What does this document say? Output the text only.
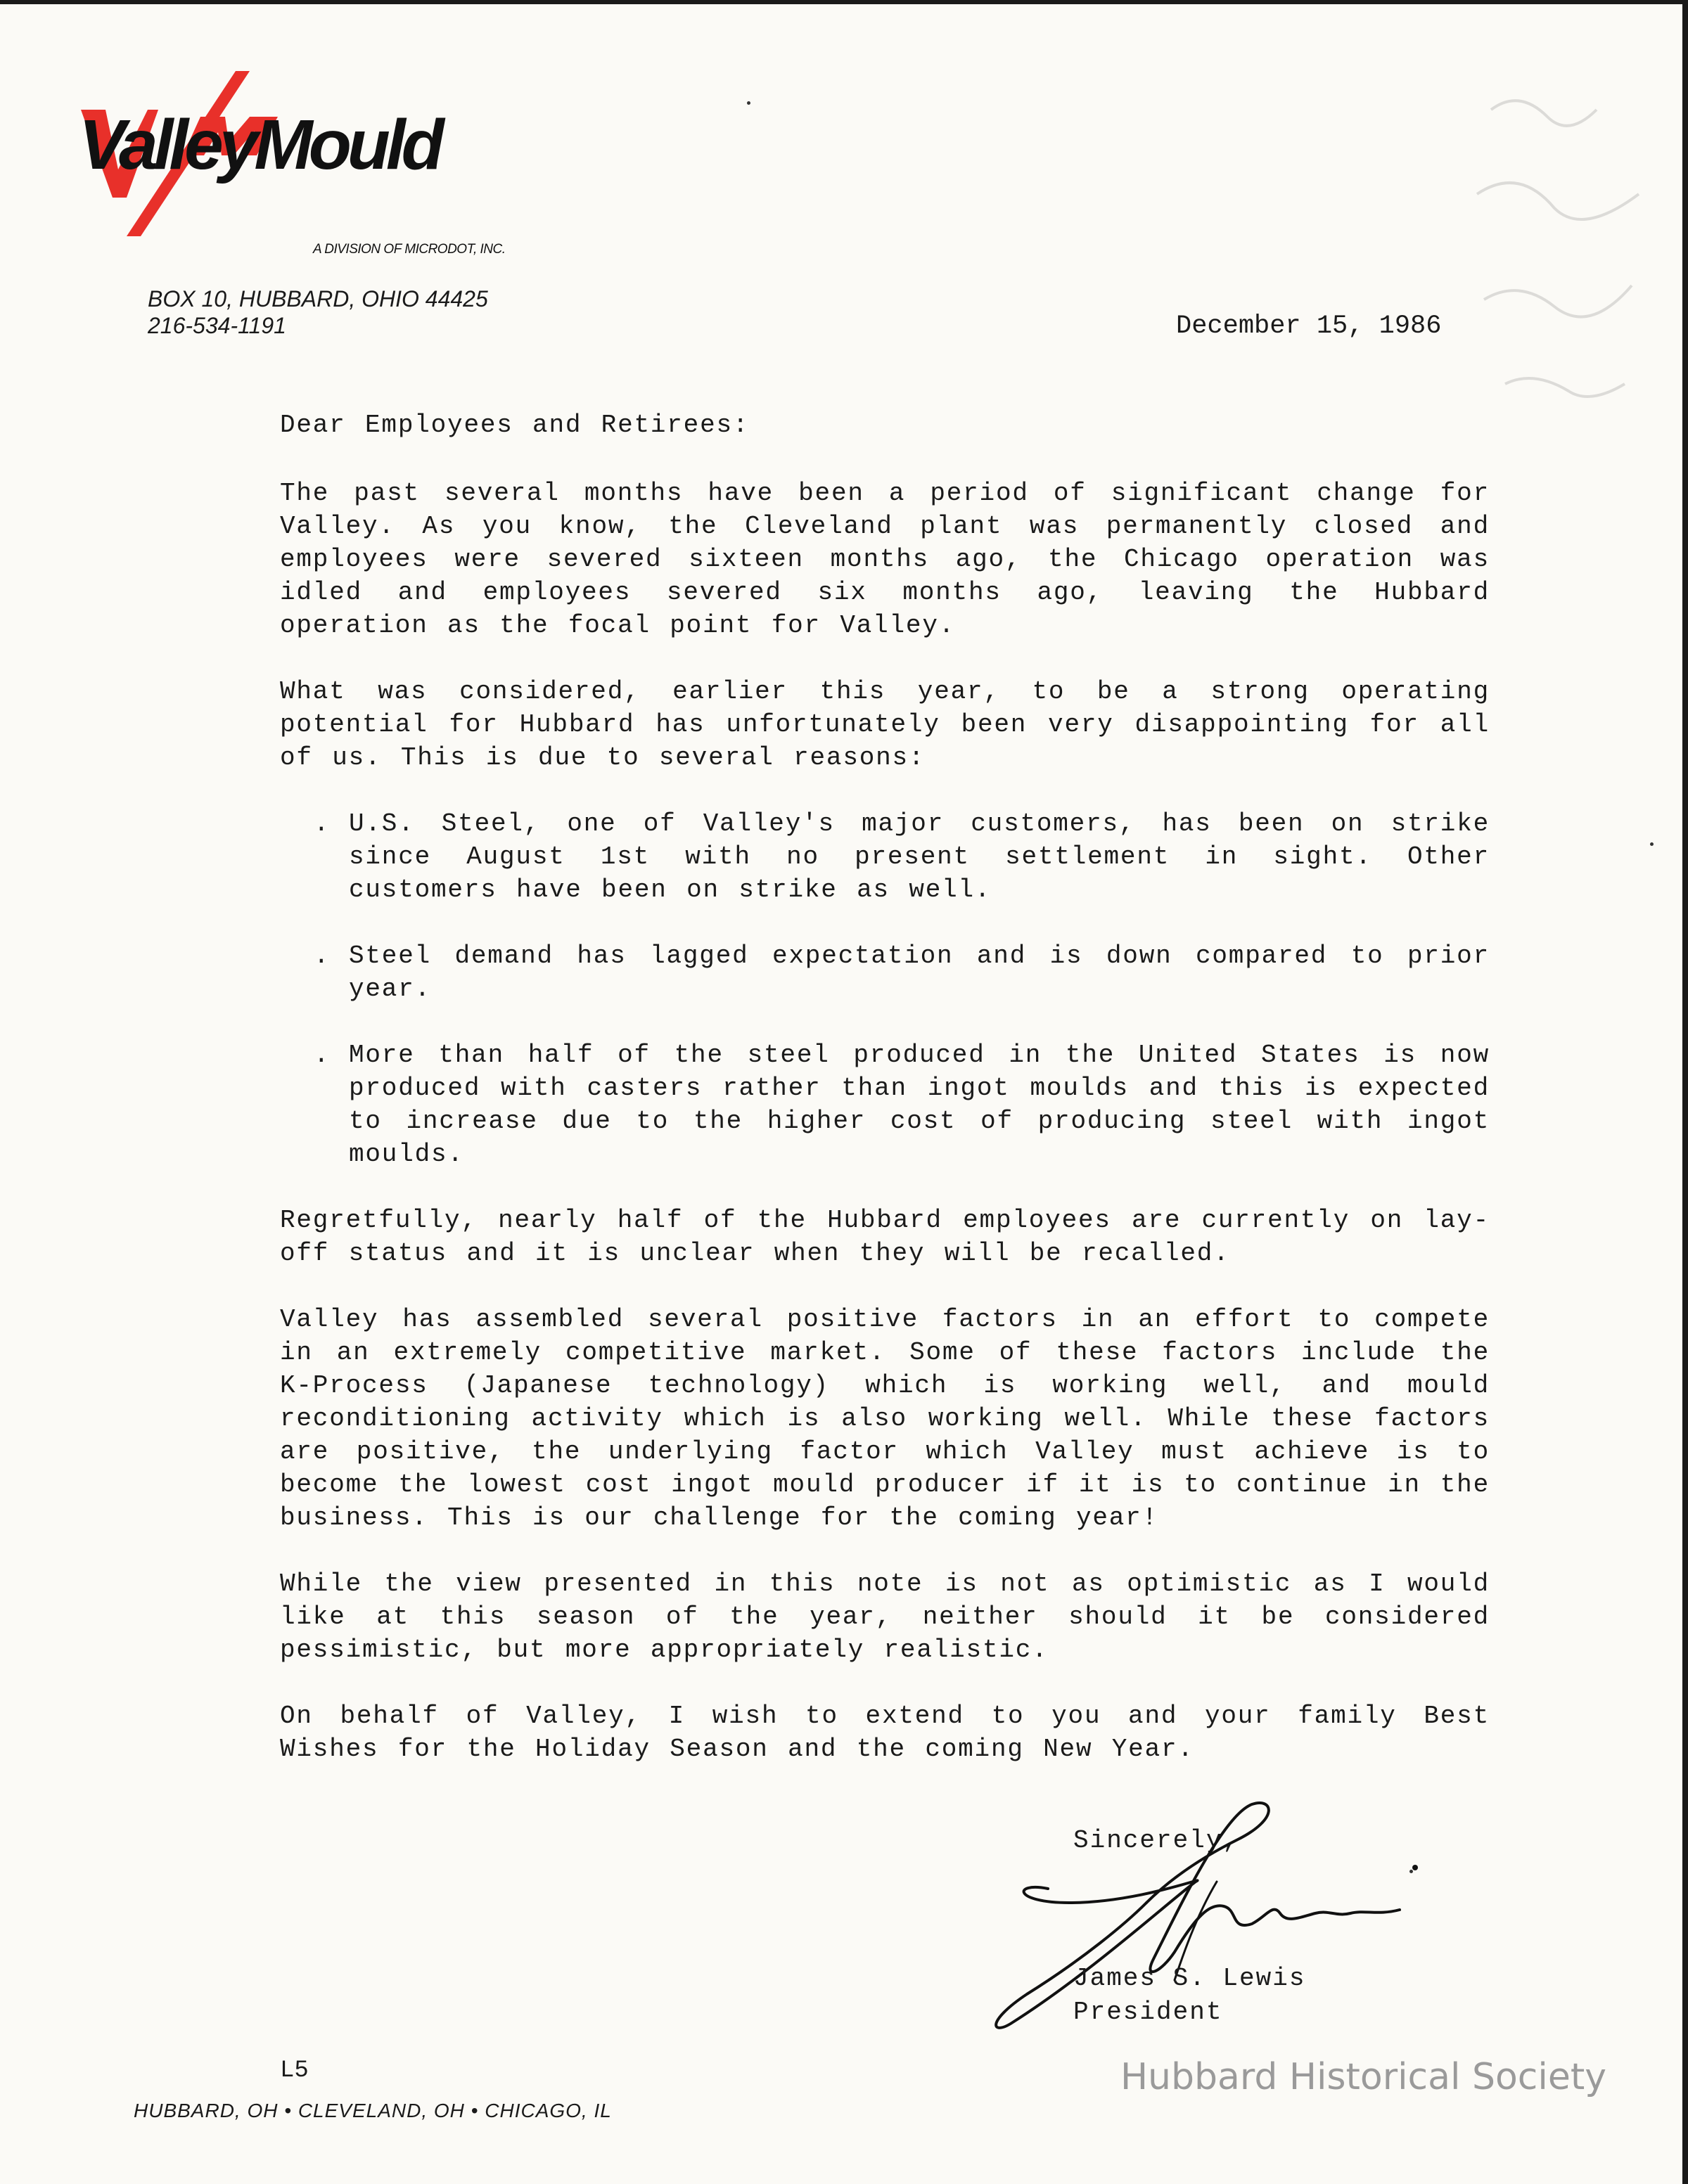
ValleyMould
A DIVISION OF MICRODOT, INC.
BOX 10, HUBBARD, OHIO 44425
216-534-1191	December 15, 1986

Dear Employees and Retirees:

The past several months have been a period of significant change for Valley. As you know, the Cleveland plant was permanently closed and employees were severed sixteen months ago, the Chicago operation was idled and employees severed six months ago, leaving the Hubbard operation as the focal point for Valley.

What was considered, earlier this year, to be a strong operating potential for Hubbard has unfortunately been very disappointing for all of us. This is due to several reasons:

. U.S. Steel, one of Valley's major customers, has been on strike since August 1st with no present settlement in sight. Other customers have been on strike as well.
. Steel demand has lagged expectation and is down compared to prior year.
. More than half of the steel produced in the United States is now produced with casters rather than ingot moulds and this is expected to increase due to the higher cost of producing steel with ingot moulds.

Regretfully, nearly half of the Hubbard employees are currently on lay-off status and it is unclear when they will be recalled.

Valley has assembled several positive factors in an effort to compete in an extremely competitive market. Some of these factors include the K-Process (Japanese technology) which is working well, and mould reconditioning activity which is also working well. While these factors are positive, the underlying factor which Valley must achieve is to become the lowest cost ingot mould producer if it is to continue in the business. This is our challenge for the coming year!

While the view presented in this note is not as optimistic as I would like at this season of the year, neither should it be considered pessimistic, but more appropriately realistic.

On behalf of Valley, I wish to extend to you and your family Best Wishes for the Holiday Season and the coming New Year.

Sincerely,
James S. Lewis
President
L5
HUBBARD, OH • CLEVELAND, OH • CHICAGO, IL
Hubbard Historical Society
